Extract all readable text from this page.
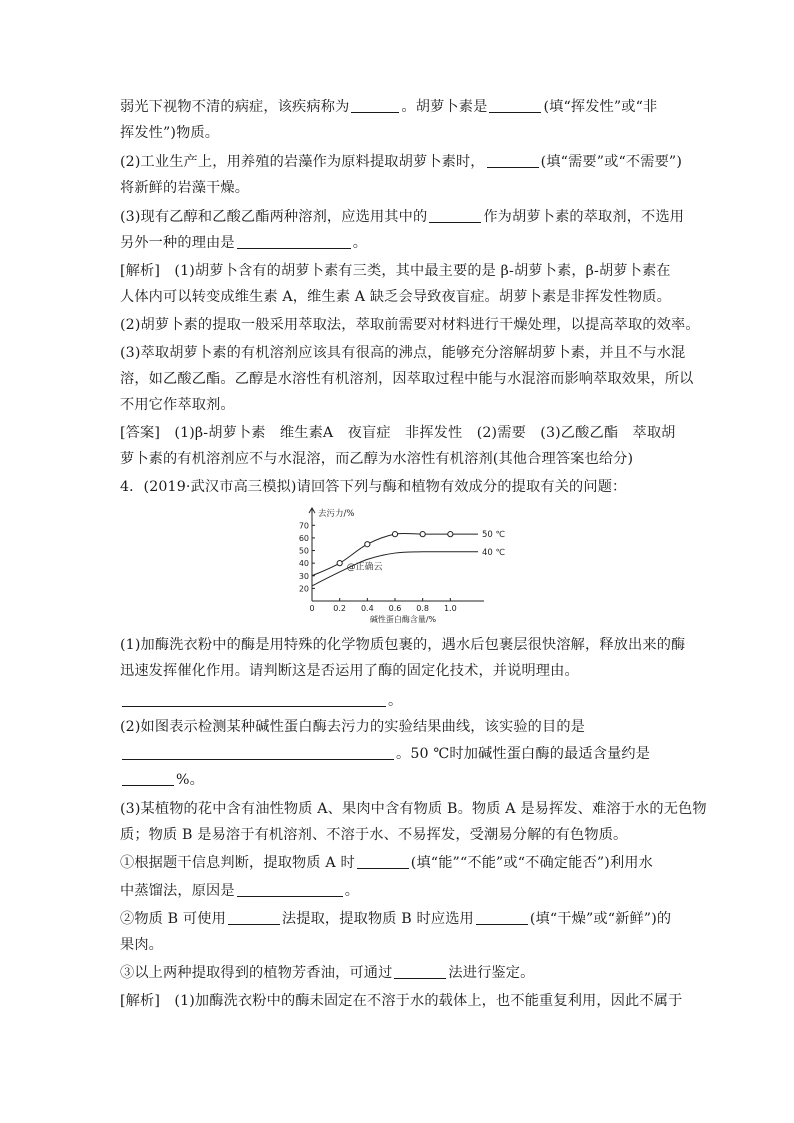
弱光下视物不清的病症，该疾病称为	。胡萝卜素是	(填“挥发性”或“非
挥发性”)物质。
(2)工业生产上，用养殖的岩藻作为原料提取胡萝卜素时，	(填“需要”或“不需要”)
将新鲜的岩藻干燥。
(3)现有乙醇和乙酸乙酯两种溶剂，应选用其中的	作为胡萝卜素的萃取剂，不选用
另外一种的理由是	。
[解析]　(1)胡萝卜含有的胡萝卜素有三类，其中最主要的是 β-胡萝卜素，β-胡萝卜素在
人体内可以转变成维生素 A，维生素 A 缺乏会导致夜盲症。胡萝卜素是非挥发性物质。
(2)胡萝卜素的提取一般采用萃取法，萃取前需要对材料进行干燥处理，以提高萃取的效率。
(3)萃取胡萝卜素的有机溶剂应该具有很高的沸点，能够充分溶解胡萝卜素，并且不与水混
溶，如乙酸乙酯。乙醇是水溶性有机溶剂，因萃取过程中能与水混溶而影响萃取效果，所以
不用它作萃取剂。
[答案]　(1)β-胡萝卜素　维生素A　夜盲症　非挥发性　(2)需要　(3)乙酸乙酯　萃取胡
萝卜素的有机溶剂应不与水混溶，而乙醇为水溶性有机溶剂(其他合理答案也给分)
4．(2019·武汉市高三模拟)请回答下列与酶和植物有效成分的提取有关的问题：
去污力/%
碱性蛋白酶含量/%
20
30
40
50
60
70
0 0.2 0.4 0.6 0.8 1.0
50 ℃
40 ℃
@正确云
(1)加酶洗衣粉中的酶是用特殊的化学物质包裹的，遇水后包裹层很快溶解，释放出来的酶
迅速发挥催化作用。请判断这是否运用了酶的固定化技术，并说明理由。
。
(2)如图表示检测某种碱性蛋白酶去污力的实验结果曲线，该实验的目的是
。50 ℃时加碱性蛋白酶的最适含量约是
%。
(3)某植物的花中含有油性物质 A、果肉中含有物质 B。物质 A 是易挥发、难溶于水的无色物
质；物质 B 是易溶于有机溶剂、不溶于水、不易挥发，受潮易分解的有色物质。
①根据题干信息判断，提取物质 A 时	(填“能”“不能”或“不确定能否”)利用水
中蒸馏法，原因是	。
②物质 B 可使用	法提取，提取物质 B 时应选用	(填“干燥”或“新鲜”)的
果肉。
③以上两种提取得到的植物芳香油，可通过	法进行鉴定。
[解析]　(1)加酶洗衣粉中的酶未固定在不溶于水的载体上，也不能重复利用，因此不属于
